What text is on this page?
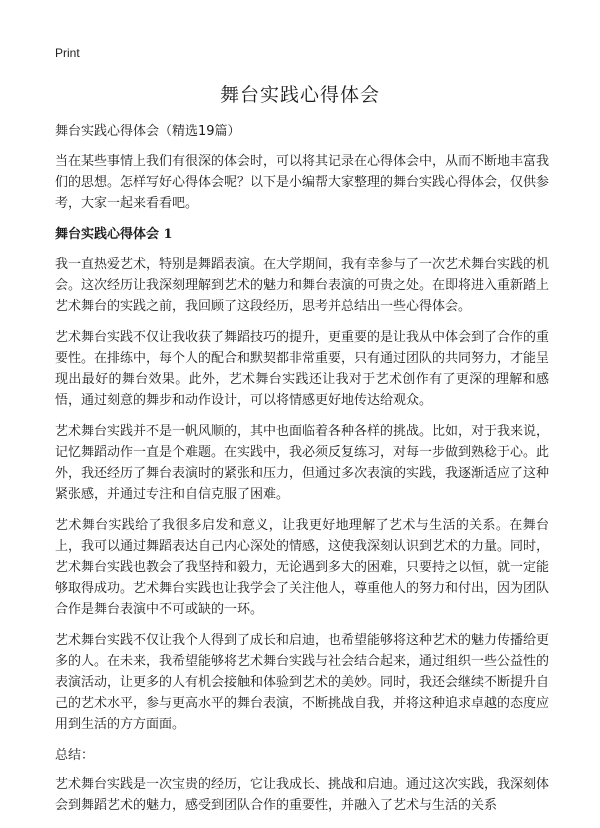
Print
舞台实践心得体会

舞台实践心得体会（精选19篇）

当在某些事情上我们有很深的体会时，可以将其记录在心得体会中，从而不断地丰富我们的思想。怎样写好心得体会呢？以下是小编帮大家整理的舞台实践心得体会，仅供参考，大家一起来看看吧。

舞台实践心得体会 1

我一直热爱艺术，特别是舞蹈表演。在大学期间，我有幸参与了一次艺术舞台实践的机会。这次经历让我深刻理解到艺术的魅力和舞台表演的可贵之处。在即将进入重新踏上艺术舞台的实践之前，我回顾了这段经历，思考并总结出一些心得体会。

艺术舞台实践不仅让我收获了舞蹈技巧的提升，更重要的是让我从中体会到了合作的重要性。在排练中，每个人的配合和默契都非常重要，只有通过团队的共同努力，才能呈现出最好的舞台效果。此外，艺术舞台实践还让我对于艺术创作有了更深的理解和感悟，通过刻意的舞步和动作设计，可以将情感更好地传达给观众。

艺术舞台实践并不是一帆风顺的，其中也面临着各种各样的挑战。比如，对于我来说，记忆舞蹈动作一直是个难题。在实践中，我必须反复练习，对每一步做到熟稔于心。此外，我还经历了舞台表演时的紧张和压力，但通过多次表演的实践，我逐渐适应了这种紧张感，并通过专注和自信克服了困难。

艺术舞台实践给了我很多启发和意义，让我更好地理解了艺术与生活的关系。在舞台上，我可以通过舞蹈表达自己内心深处的情感，这使我深刻认识到艺术的力量。同时，艺术舞台实践也教会了我坚持和毅力，无论遇到多大的困难，只要持之以恒，就一定能够取得成功。艺术舞台实践也让我学会了关注他人，尊重他人的努力和付出，因为团队合作是舞台表演中不可或缺的一环。

艺术舞台实践不仅让我个人得到了成长和启迪，也希望能够将这种艺术的魅力传播给更多的人。在未来，我希望能够将艺术舞台实践与社会结合起来，通过组织一些公益性的表演活动，让更多的人有机会接触和体验到艺术的美妙。同时，我还会继续不断提升自己的艺术水平，参与更高水平的舞台表演，不断挑战自我，并将这种追求卓越的态度应用到生活的方方面面。

总结：

艺术舞台实践是一次宝贵的经历，它让我成长、挑战和启迪。通过这次实践，我深刻体会到舞蹈艺术的魅力，感受到团队合作的重要性，并融入了艺术与生活的关系
